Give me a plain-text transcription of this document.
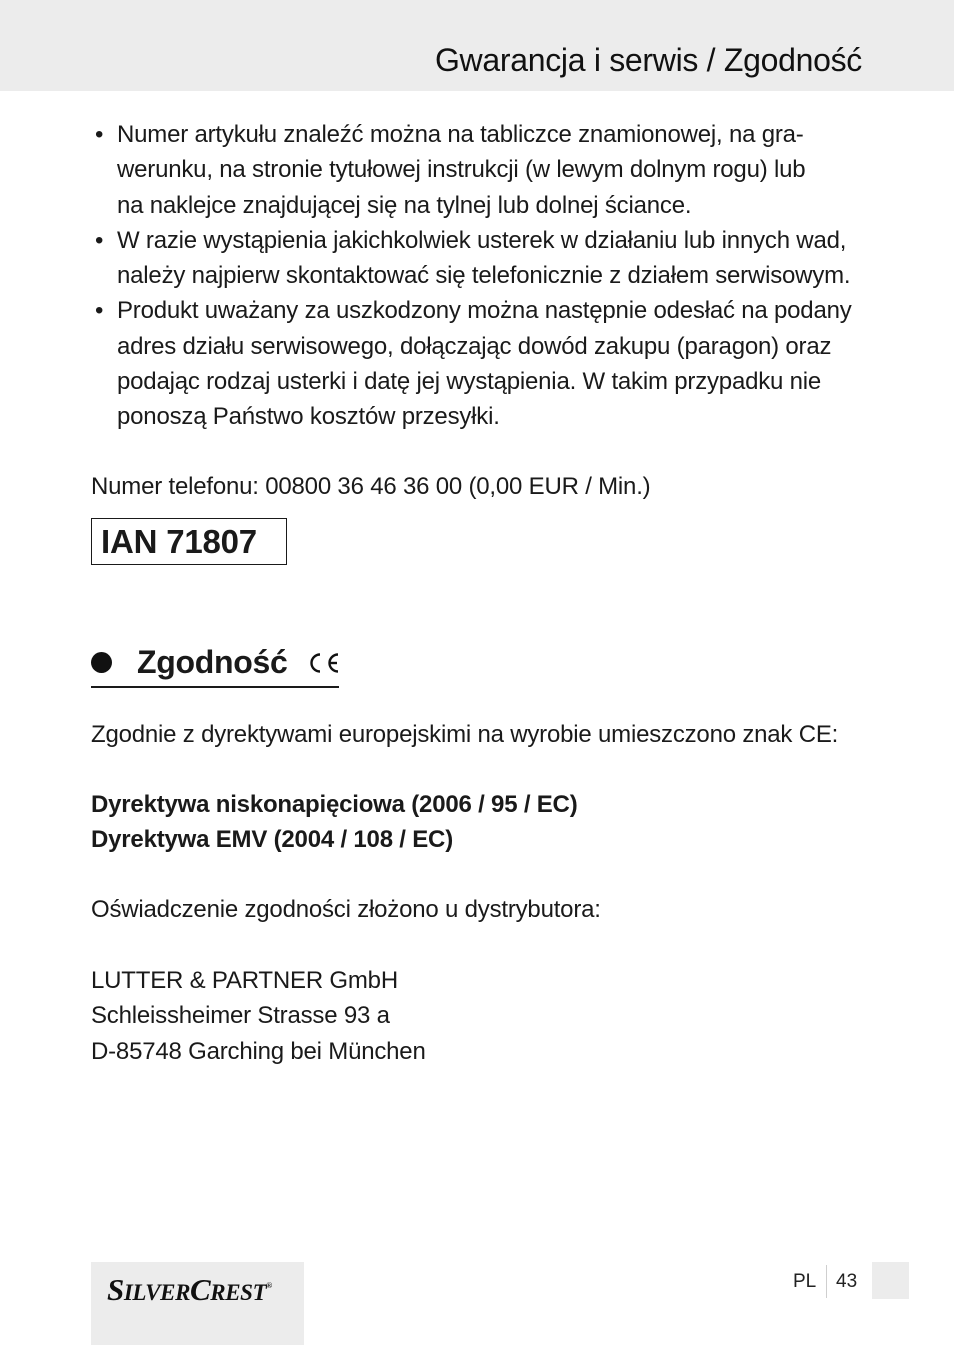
Gwarancja i serwis / Zgodność
• Numer artykułu znaleźć można na tabliczce znamionowej, na gra-
werunku, na stronie tytułowej instrukcji (w lewym dolnym rogu) lub
na naklejce znajdującej się na tylnej lub dolnej ściance.
• W razie wystąpienia jakichkolwiek usterek w działaniu lub innych wad,
należy najpierw skontaktować się telefonicznie z działem serwisowym.
• Produkt uważany za uszkodzony można następnie odesłać na podany
adres działu serwisowego, dołączając dowód zakupu (paragon) oraz
podając rodzaj usterki i datę jej wystąpienia. W takim przypadku nie
ponoszą Państwo kosztów przesyłki.
Numer telefonu: 00800 36 46 36 00 (0,00 EUR / Min.)
IAN 71807
Zgodność
Zgodnie z dyrektywami europejskimi na wyrobie umieszczono znak CE:
Dyrektywa niskonapięciowa (2006 / 95 / EC)
Dyrektywa EMV (2004 / 108 / EC)
Oświadczenie zgodności złożono u dystrybutora:
LUTTER & PARTNER GmbH
Schleissheimer Strasse 93 a
D-85748 Garching bei München
SILVERCREST®	PL 43
